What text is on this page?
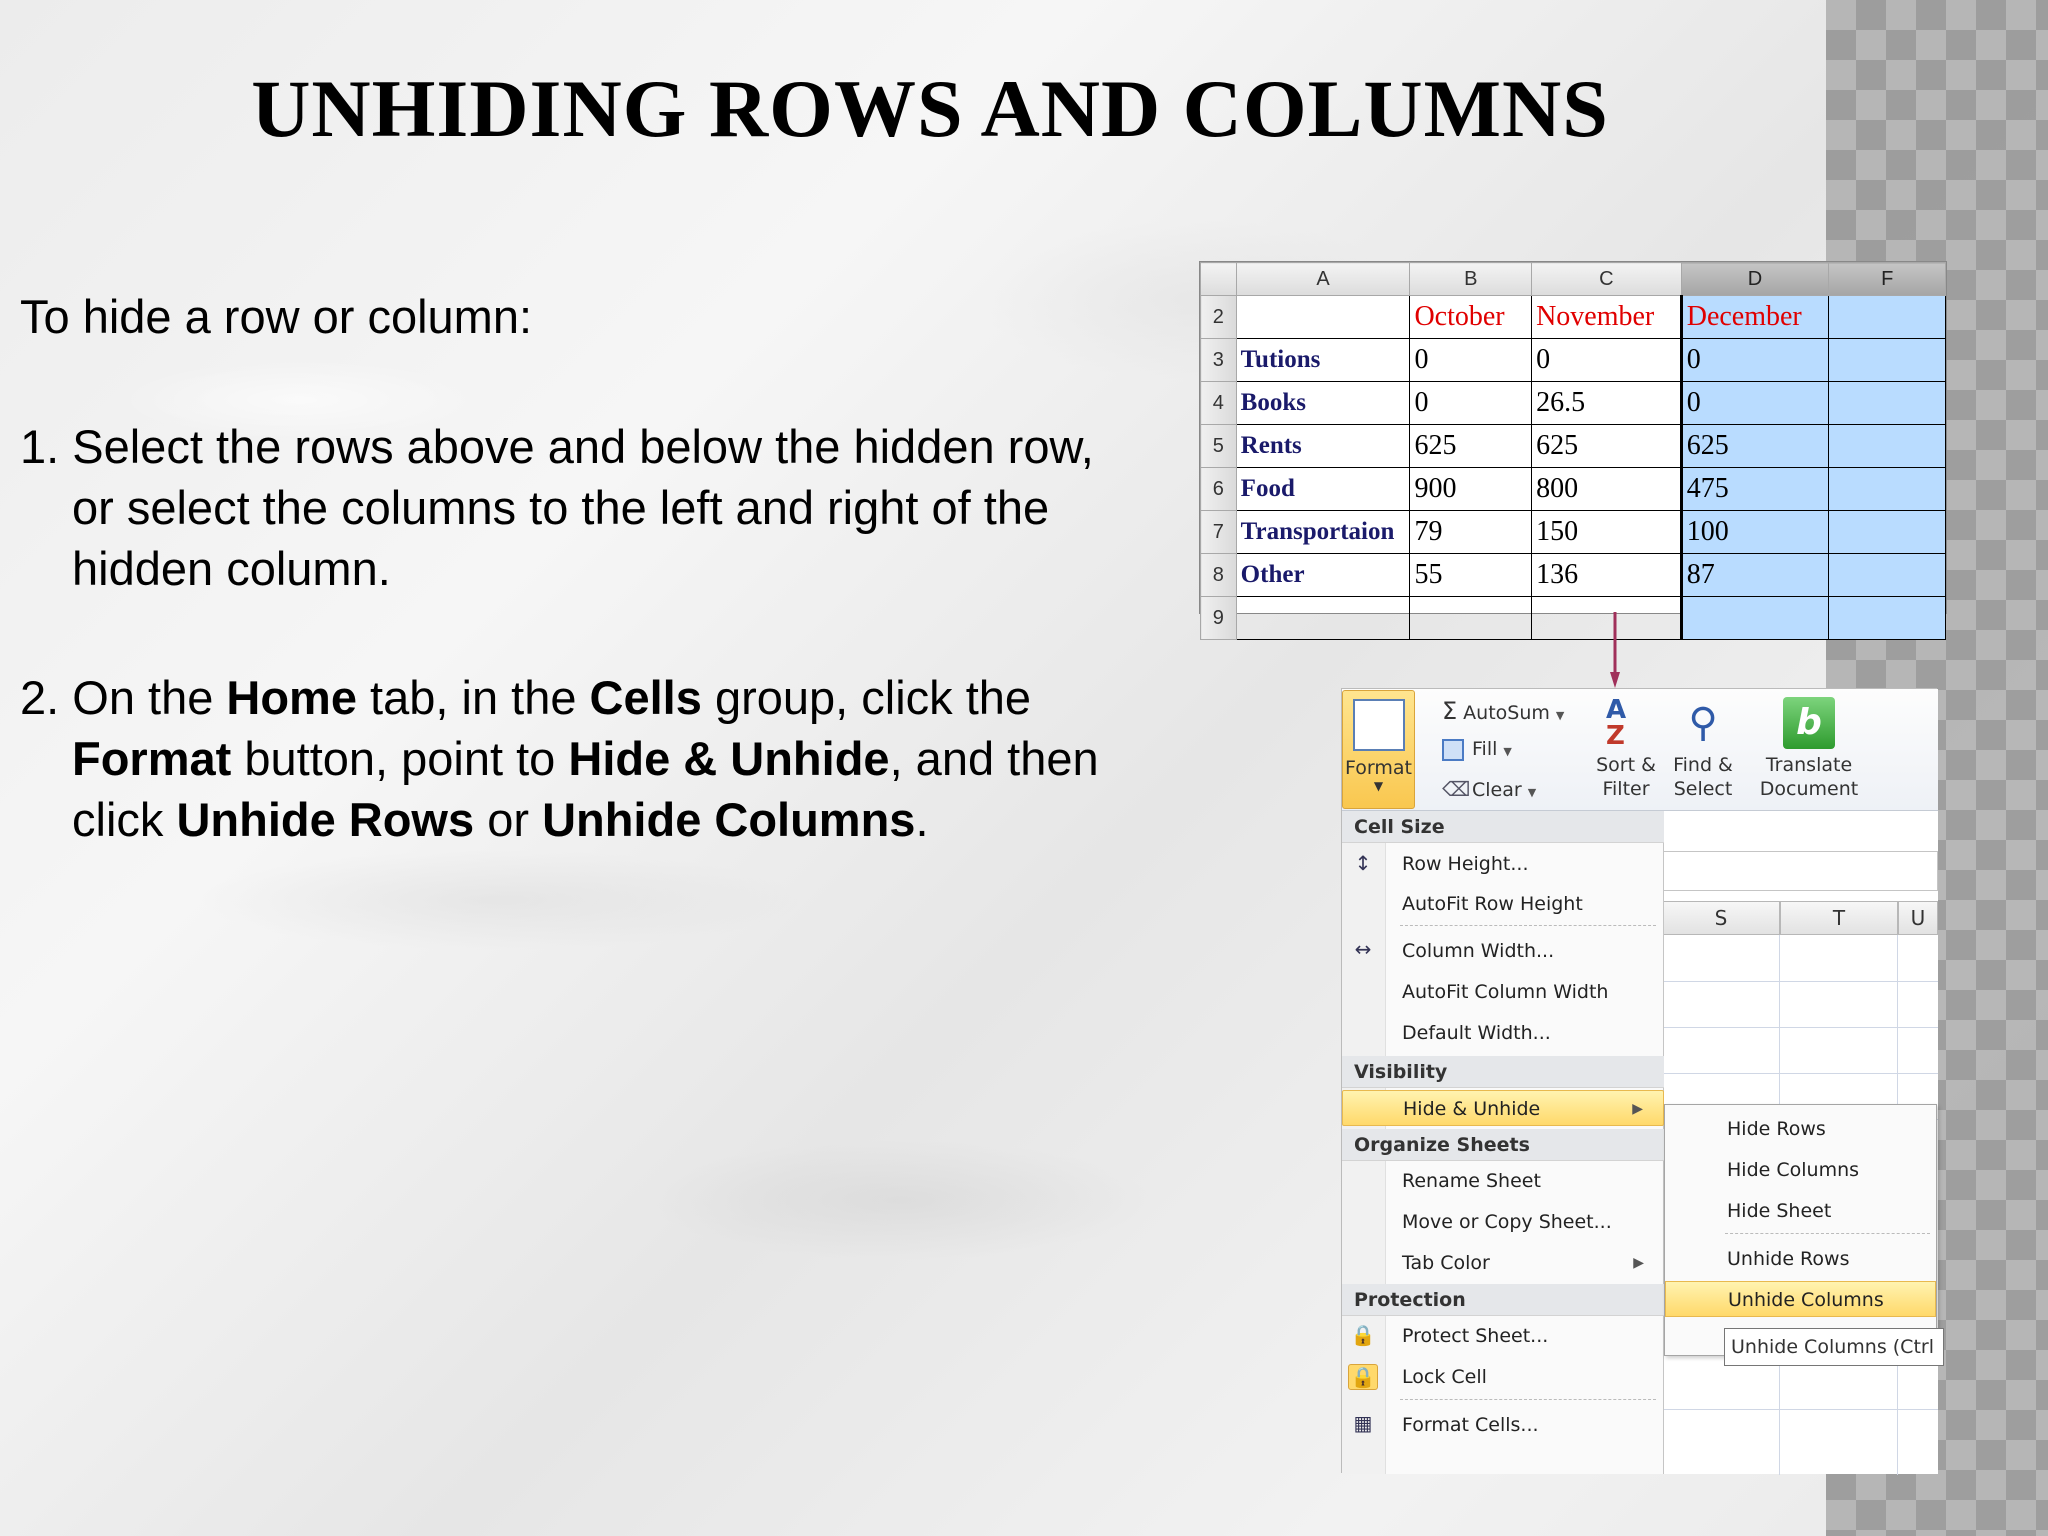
UNHIDING ROWS AND COLUMNS
To hide a row or column:
1. Select the rows above and below the hidden row, or select the columns to the left and right of the hidden column.
2. On the Home tab, in the Cells group, click the Format button, point to Hide & Unhide, and then click Unhide Rows or Unhide Columns.
	A	B	C	D	F
2		October	November	December	
3	Tutions	0	0	0	
4	Books	0	26.5	0	
5	Rents	625	625	625	
6	Food	900	800	475	
7	Transportaion	79	150	100	
8	Other	55	136	87	
9					
S	T	U
Format
▼
Σ AutoSum ▼
Fill ▼
⌫Clear ▼
A
Z
Sort &
Filter
⚲
Find &
Select
b
Translate
Document
Cell Size
↕	Row Height...
AutoFit Row Height
↔	Column Width...
AutoFit Column Width
Default Width...
Visibility
Hide & Unhide	▶
Organize Sheets
Rename Sheet
Move or Copy Sheet...
Tab Color	▶
Protection
🔒	Protect Sheet...
🔒	Lock Cell
▦	Format Cells...
Hide Rows
Hide Columns
Hide Sheet
Unhide Rows
Unhide Columns
Unhide Columns (Ctrl
